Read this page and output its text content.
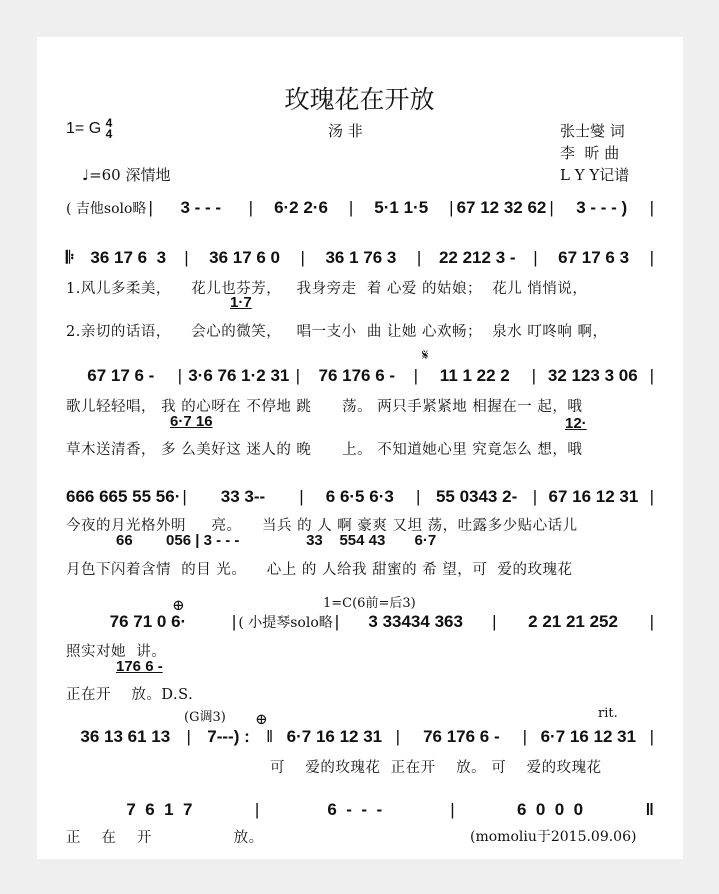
玫瑰花在开放
1= G 4
4	汤 非	张士燮 词
李  昕 曲
L Y Y记谱
♩=60 深情地
( 吉他solo略 |	3 - - -	|	6·2 2·6	|	5·1 1·5	| 67 12 32 62 |	3 - - - )	|
𝄆 36 17 6  3	|	36 17 6 0	|	36 1 76 3	|	22 212 3 -	|	67 17 6 3	|
1.风儿多柔美，    花儿也芬芳，   我身旁走  着 心爱 的姑娘；  花儿 悄悄说，
1·7
2.亲切的话语，    会心的微笑，   唱一支小  曲 让她 心欢畅；  泉水 叮咚响 啊，
𝄋
67 17 6 -	| 3·6 76 1·2 31 |	76 176 6 -	|	11 1 22 2	| 32 123 3 06 |
歌儿轻轻唱， 我 的心呀在 不停地 跳      荡。 两只手紧紧地 相握在一 起，哦
6·7 16	12·
草木送清香， 多 么美好这 迷人的 晚      上。 不知道她心里 究竟怎么 想，哦
666 665 55 56· |	33 3--	|	6 6·5 6·3	| 55 0343 2- | 67 16 12 31 |
今夜的月光格外明     亮。    当兵 的 人 啊 豪爽 又坦 荡，吐露多少贴心话儿
66        056 | 3 - - -                33    554 43       6·7
月色下闪着含情  的目 光。    心上 的 人给我 甜蜜的 希 望，可  爱的玫瑰花
1=C(6前=后3)
⊕
76 71 0 6·	| ( 小提琴solo略 |	3 33434 363	|	2 21 21 252	|
照实对她  讲。
176 6 -
正在开    放。D.S.
(G调3) ⊕	rit.
36 13 61 13 | 7---) : ‖ 6·7 16 12 31 |	76 176 6 -	| 6·7 16 12 31 |
可    爱的玫瑰花  正在开    放。 可    爱的玫瑰花
7  6  1  7	|	6  -  -  -	|	6  0  0  0	‖
正    在    开                放。	(momoliu于2015.09.06)
